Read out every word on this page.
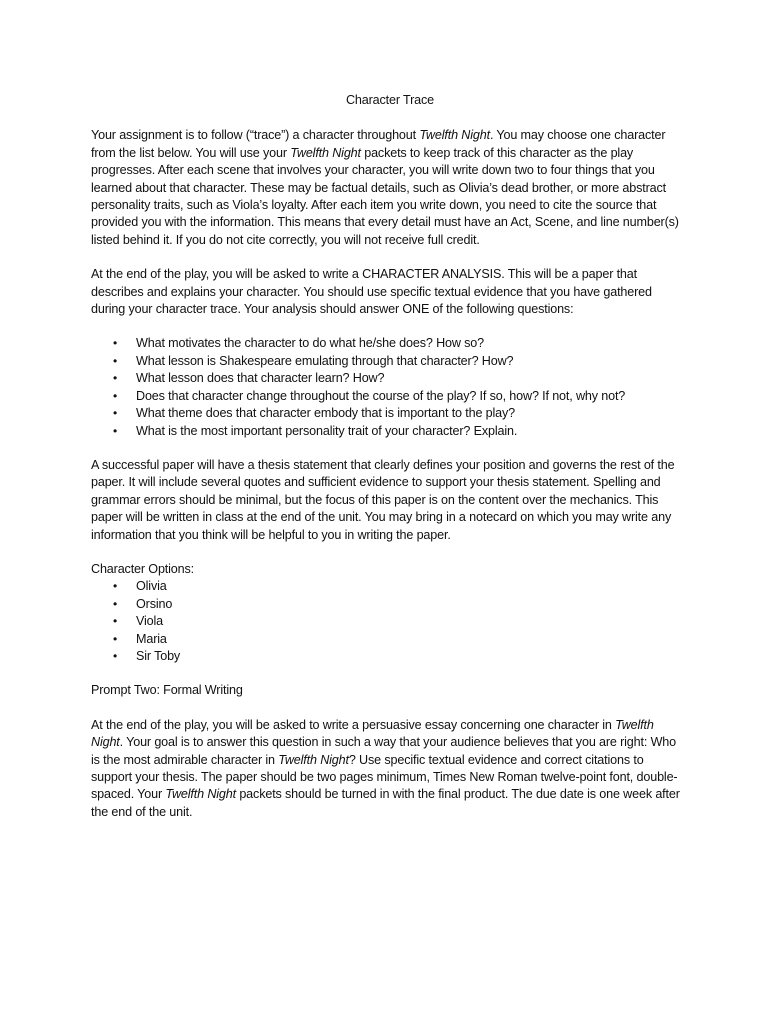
Character Trace

Your assignment is to follow (“trace”) a character throughout Twelfth Night. You may choose one character from the list below. You will use your Twelfth Night packets to keep track of this character as the play progresses. After each scene that involves your character, you will write down two to four things that you learned about that character. These may be factual details, such as Olivia’s dead brother, or more abstract personality traits, such as Viola’s loyalty. After each item you write down, you need to cite the source that provided you with the information. This means that every detail must have an Act, Scene, and line number(s) listed behind it. If you do not cite correctly, you will not receive full credit.

At the end of the play, you will be asked to write a CHARACTER ANALYSIS. This will be a paper that describes and explains your character. You should use specific textual evidence that you have gathered during your character trace. Your analysis should answer ONE of the following questions:

• What motivates the character to do what he/she does? How so?
• What lesson is Shakespeare emulating through that character? How?
• What lesson does that character learn? How?
• Does that character change throughout the course of the play? If so, how? If not, why not?
• What theme does that character embody that is important to the play?
• What is the most important personality trait of your character? Explain.

A successful paper will have a thesis statement that clearly defines your position and governs the rest of the paper. It will include several quotes and sufficient evidence to support your thesis statement. Spelling and grammar errors should be minimal, but the focus of this paper is on the content over the mechanics. This paper will be written in class at the end of the unit. You may bring in a notecard on which you may write any information that you think will be helpful to you in writing the paper.

Character Options:
• Olivia
• Orsino
• Viola
• Maria
• Sir Toby

Prompt Two: Formal Writing

At the end of the play, you will be asked to write a persuasive essay concerning one character in Twelfth Night. Your goal is to answer this question in such a way that your audience believes that you are right: Who is the most admirable character in Twelfth Night? Use specific textual evidence and correct citations to support your thesis. The paper should be two pages minimum, Times New Roman twelve-point font, double-spaced. Your Twelfth Night packets should be turned in with the final product. The due date is one week after the end of the unit.
